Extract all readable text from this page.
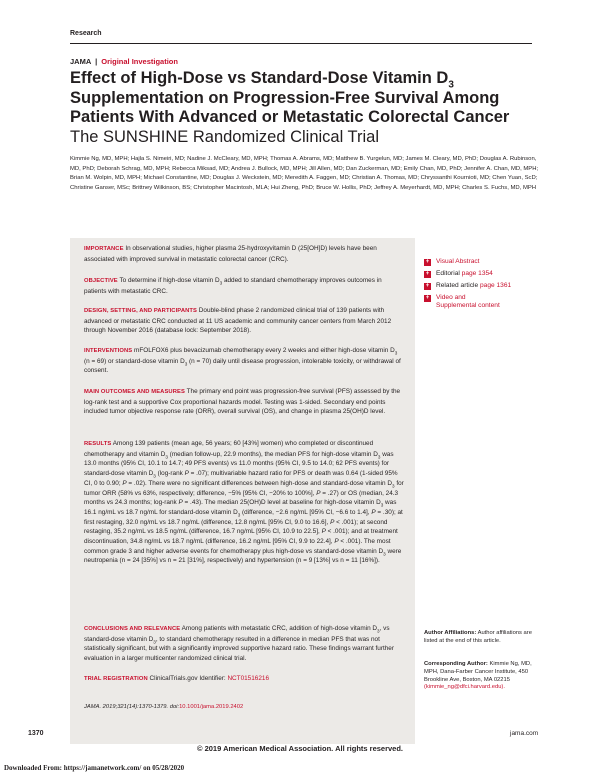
Research
JAMA | Original Investigation
Effect of High-Dose vs Standard-Dose Vitamin $D_3$ Supplementation on Progression-Free Survival Among Patients With Advanced or Metastatic Colorectal Cancer
The SUNSHINE Randomized Clinical Trial
Kimmie Ng, MD, MPH; Hajla S. Nimeiri, MD; Nadine J. McCleary, MD, MPH; Thomas A. Abrams, MD; Matthew B. Yurgelun, MD; James M. Cleary, MD, PhD; Douglas A. Rubinson, MD, PhD; Deborah Schrag, MD, MPH; Rebecca Miksad, MD; Andrea J. Bullock, MD, MPH; Jill Allen, MD; Dan Zuckerman, MD; Emily Chan, MD, PhD; Jennifer A. Chan, MD, MPH; Brian M. Wolpin, MD, MPH; Michael Constantine, MD; Douglas J. Weckstein, MD; Meredith A. Faggen, MD; Christian A. Thomas, MD; Chryssanthi Kournioti, MD; Chen Yuan, ScD; Christine Ganser, MSc; Brittney Wilkinson, BS; Christopher Macintosh, MLA; Hui Zheng, PhD; Bruce W. Hollis, PhD; Jeffrey A. Meyerhardt, MD, MPH; Charles S. Fuchs, MD, MPH
IMPORTANCE In observational studies, higher plasma 25-hydroxyvitamin D (25[OH]D) levels have been associated with improved survival in metastatic colorectal cancer (CRC).
OBJECTIVE To determine if high-dose vitamin $D_3$ added to standard chemotherapy improves outcomes in patients with metastatic CRC.
DESIGN, SETTING, AND PARTICIPANTS Double-blind phase 2 randomized clinical trial of 139 patients with advanced or metastatic CRC conducted at 11 US academic and community cancer centers from March 2012 through November 2016 (database lock: September 2018).
INTERVENTIONS mFOLFOX6 plus bevacizumab chemotherapy every 2 weeks and either high-dose vitamin $D_3$ (n = 69) or standard-dose vitamin $D_3$ (n = 70) daily until disease progression, intolerable toxicity, or withdrawal of consent.
MAIN OUTCOMES AND MEASURES The primary end point was progression-free survival (PFS) assessed by the log-rank test and a supportive Cox proportional hazards model. Testing was 1-sided. Secondary end points included tumor objective response rate (ORR), overall survival (OS), and change in plasma 25(OH)D level.
RESULTS Among 139 patients (mean age, 56 years; 60 [43%] women) who completed or discontinued chemotherapy and vitamin $D_3$ (median follow-up, 22.9 months), the median PFS for high-dose vitamin $D_3$ was 13.0 months (95% CI, 10.1 to 14.7; 49 PFS events) vs 11.0 months (95% CI, 9.5 to 14.0; 62 PFS events) for standard-dose vitamin $D_3$ (log-rank P = .07); multivariable hazard ratio for PFS or death was 0.64 (1-sided 95% CI, 0 to 0.90; P = .02). There were no significant differences between high-dose and standard-dose vitamin $D_3$ for tumor ORR (58% vs 63%, respectively; difference, −5% [95% CI, −20% to 100%], P = .27) or OS (median, 24.3 months vs 24.3 months; log-rank P = .43). The median 25(OH)D level at baseline for high-dose vitamin $D_3$ was 16.1 ng/mL vs 18.7 ng/mL for standard-dose vitamin $D_3$ (difference, −2.6 ng/mL [95% CI, −6.6 to 1.4], P = .30); at first restaging, 32.0 ng/mL vs 18.7 ng/mL (difference, 12.8 ng/mL [95% CI, 9.0 to 16.6], P < .001); at second restaging, 35.2 ng/mL vs 18.5 ng/mL (difference, 16.7 ng/mL [95% CI, 10.9 to 22.5], P < .001); and at treatment discontinuation, 34.8 ng/mL vs 18.7 ng/mL (difference, 16.2 ng/mL [95% CI, 9.9 to 22.4], P < .001). The most common grade 3 and higher adverse events for chemotherapy plus high-dose vs standard-dose vitamin $D_3$ were neutropenia (n = 24 [35%] vs n = 21 [31%], respectively) and hypertension (n = 9 [13%] vs n = 11 [16%]).
CONCLUSIONS AND RELEVANCE Among patients with metastatic CRC, addition of high-dose vitamin $D_3$, vs standard-dose vitamin $D_3$, to standard chemotherapy resulted in a difference in median PFS that was not statistically significant, but with a significantly improved supportive hazard ratio. These findings warrant further evaluation in a larger multicenter randomized clinical trial.
TRIAL REGISTRATION ClinicalTrials.gov Identifier: NCT01516216
JAMA. 2019;321(14):1370-1379. doi:10.1001/jama.2019.2402
+ Visual Abstract
+ Editorial page 1354
+ Related article page 1361
+ Video and Supplemental content
Author Affiliations: Author affiliations are listed at the end of this article.
Corresponding Author: Kimmie Ng, MD, MPH, Dana-Farber Cancer Institute, 450 Brookline Ave, Boston, MA 02215 (kimmie_ng@dfci.harvard.edu).
1370	jama.com
© 2019 American Medical Association. All rights reserved.
Downloaded From: https://jamanetwork.com/ on 05/28/2020
